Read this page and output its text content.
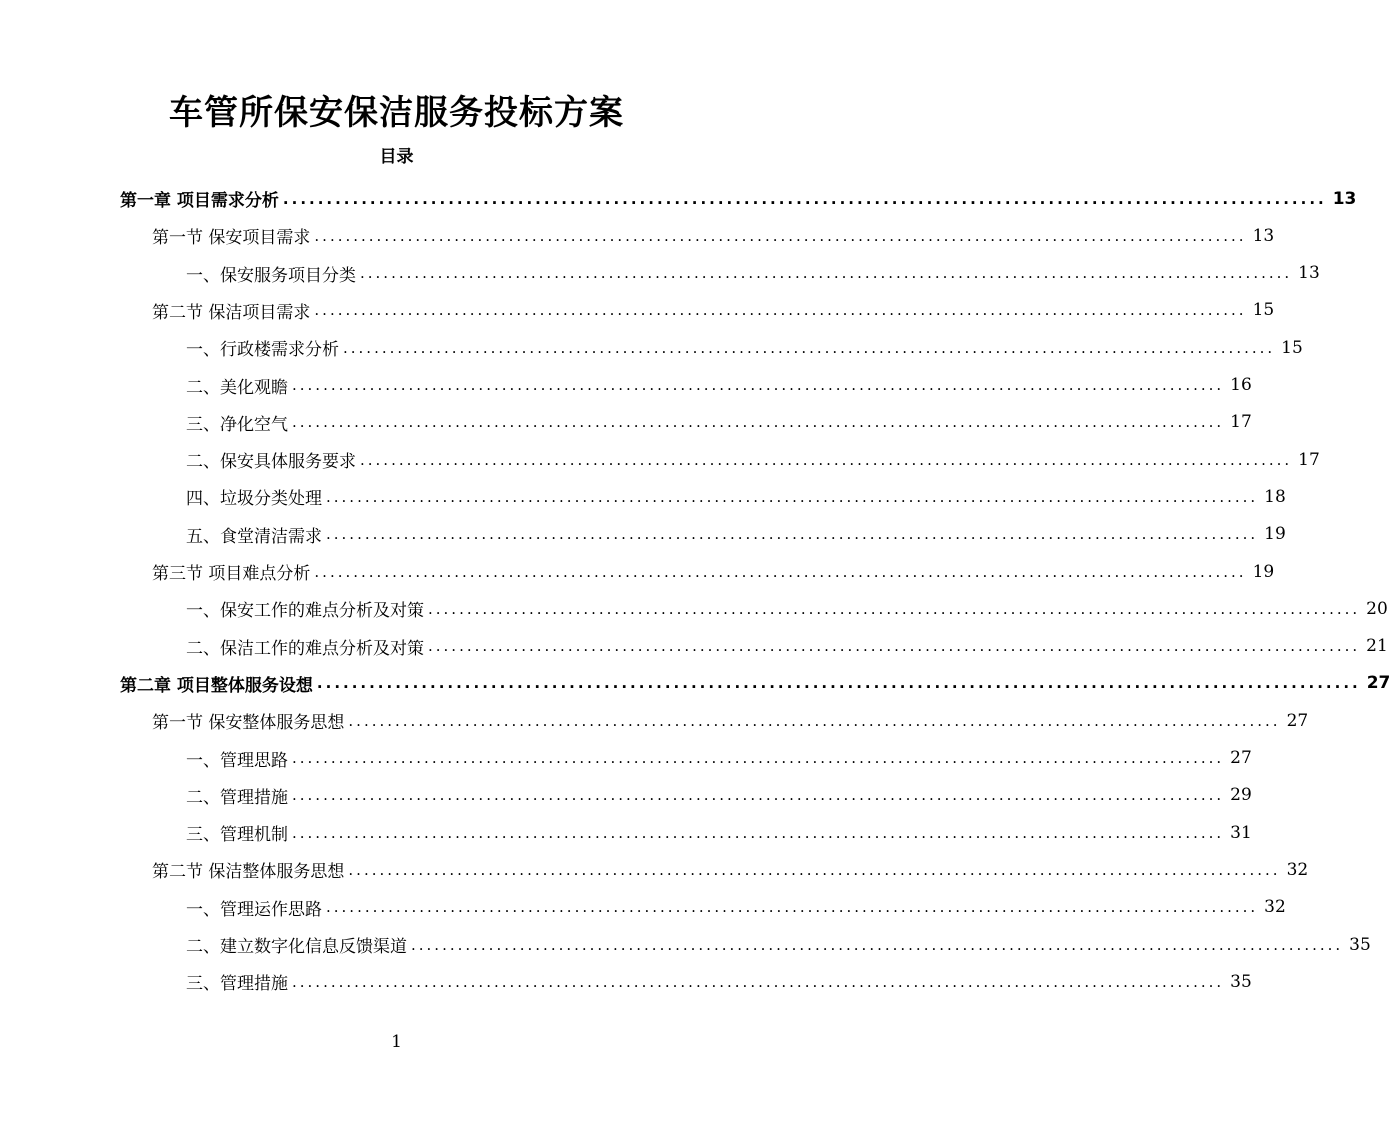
车管所保安保洁服务投标方案
目录
第一章 项目需求分析 ........................................................................................................................ 13
第一节 保安项目需求 ........................................................................................................................ 13
一、保安服务项目分类 ........................................................................................................................ 13
第二节 保洁项目需求 ........................................................................................................................ 15
一、行政楼需求分析 ........................................................................................................................ 15
二、美化观瞻 ........................................................................................................................ 16
三、净化空气 ........................................................................................................................ 17
二、保安具体服务要求 ........................................................................................................................ 17
四、垃圾分类处理 ........................................................................................................................ 18
五、食堂清洁需求 ........................................................................................................................ 19
第三节 项目难点分析 ........................................................................................................................ 19
一、保安工作的难点分析及对策 ........................................................................................................................ 20
二、保洁工作的难点分析及对策 ........................................................................................................................ 21
第二章 项目整体服务设想 ........................................................................................................................ 27
第一节 保安整体服务思想 ........................................................................................................................ 27
一、管理思路 ........................................................................................................................ 27
二、管理措施 ........................................................................................................................ 29
三、管理机制 ........................................................................................................................ 31
第二节 保洁整体服务思想 ........................................................................................................................ 32
一、管理运作思路 ........................................................................................................................ 32
二、建立数字化信息反馈渠道 ........................................................................................................................ 35
三、管理措施 ........................................................................................................................ 35
1
